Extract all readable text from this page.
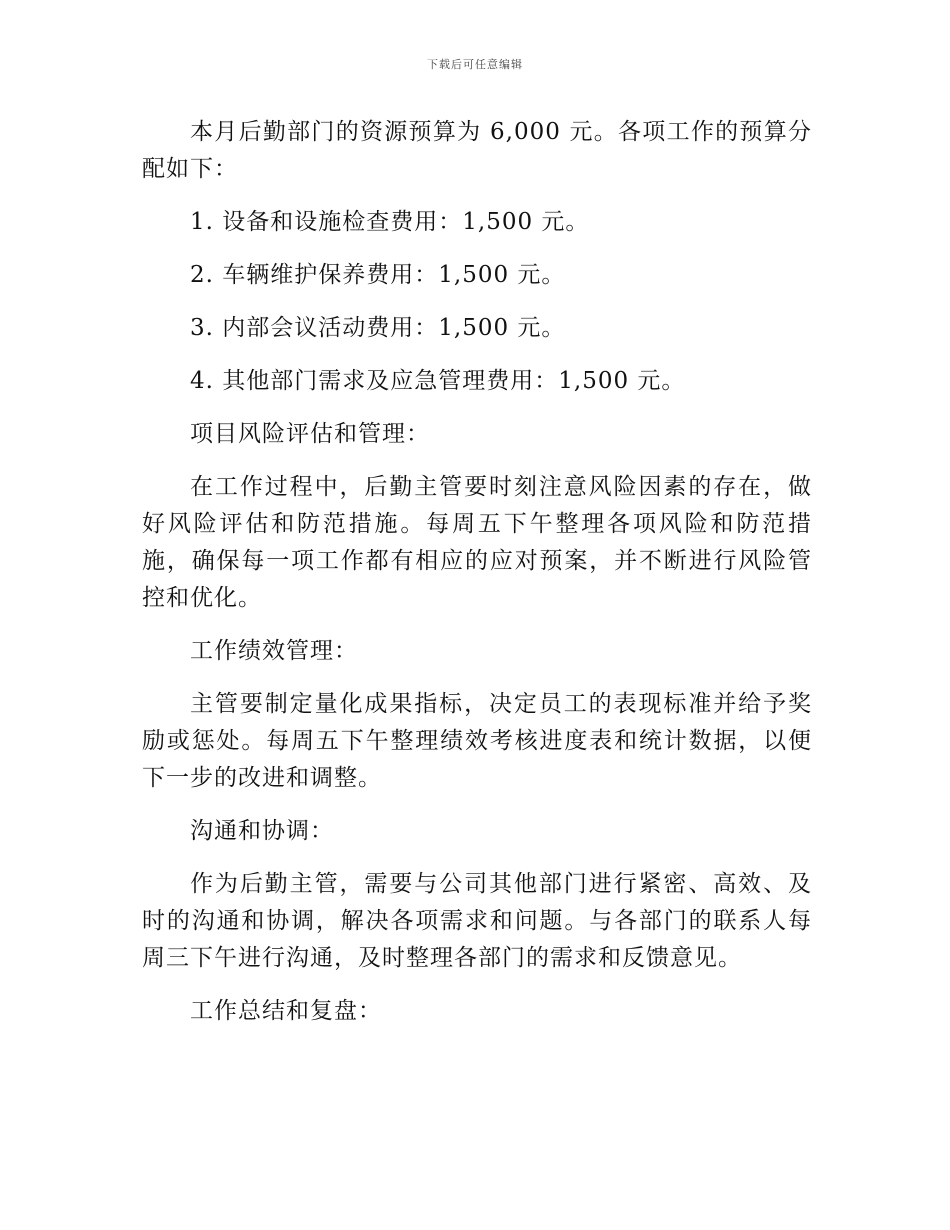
下载后可任意编辑

本月后勤部门的资源预算为 6,000 元。各项工作的预算分配如下：

1. 设备和设施检查费用：1,500 元。

2. 车辆维护保养费用：1,500 元。

3. 内部会议活动费用：1,500 元。

4. 其他部门需求及应急管理费用：1,500 元。

项目风险评估和管理：

在工作过程中，后勤主管要时刻注意风险因素的存在，做好风险评估和防范措施。每周五下午整理各项风险和防范措施，确保每一项工作都有相应的应对预案，并不断进行风险管控和优化。

工作绩效管理：

主管要制定量化成果指标，决定员工的表现标准并给予奖励或惩处。每周五下午整理绩效考核进度表和统计数据，以便下一步的改进和调整。

沟通和协调：

作为后勤主管，需要与公司其他部门进行紧密、高效、及时的沟通和协调，解决各项需求和问题。与各部门的联系人每周三下午进行沟通，及时整理各部门的需求和反馈意见。

工作总结和复盘：
